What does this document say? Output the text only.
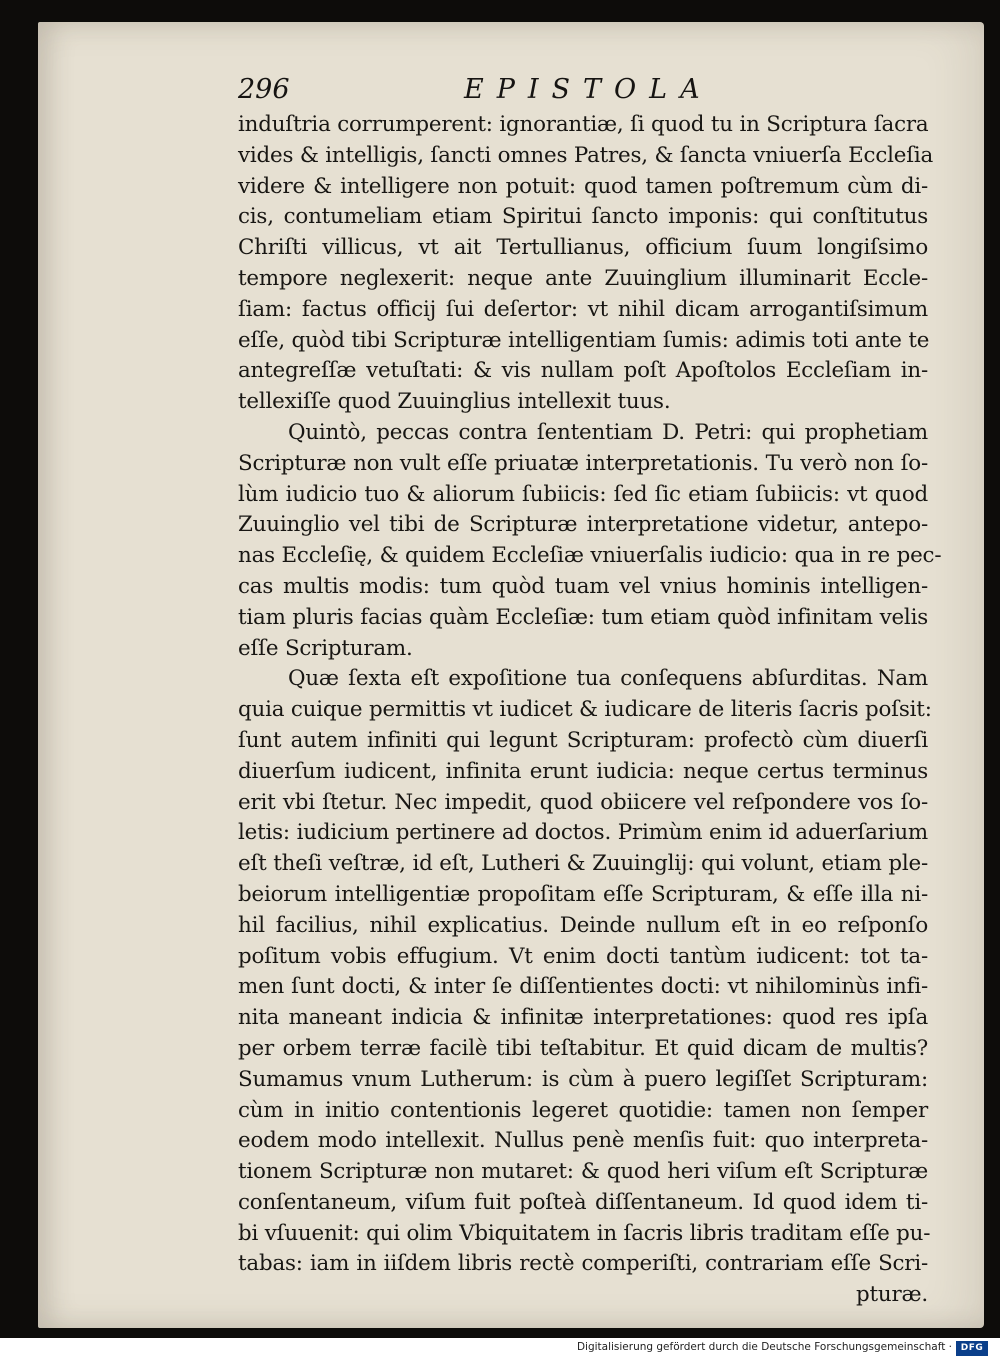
296	EPISTOLA
induſtria corrumperent: ignorantiæ, ſi quod tu in Scriptura ſacra
vides & intelligis, ſancti omnes Patres, & ſancta vniuerſa Eccleſia
videre & intelligere non potuit: quod tamen poſtremum cùm di-
cis, contumeliam etiam Spiritui ſancto imponis: qui conſtitutus
Chriſti villicus, vt ait Tertullianus, officium ſuum longiſsimo
tempore neglexerit: neque ante Zuuinglium illuminarit Eccle-
ſiam: factus officij ſui deſertor: vt nihil dicam arrogantiſsimum
eſſe, quòd tibi Scripturæ intelligentiam ſumis: adimis toti ante te
antegreſſæ vetuſtati: & vis nullam poſt Apoſtolos Eccleſiam in-
tellexiſſe quod Zuuinglius intellexit tuus.
Quintò, peccas contra ſententiam D. Petri: qui prophetiam
Scripturæ non vult eſſe priuatæ interpretationis. Tu verò non ſo-
lùm iudicio tuo & aliorum ſubiicis: ſed ſic etiam ſubiicis: vt quod
Zuuinglio vel tibi de Scripturæ interpretatione videtur, antepo-
nas Eccleſię, & quidem Eccleſiæ vniuerſalis iudicio: qua in re pec-
cas multis modis: tum quòd tuam vel vnius hominis intelligen-
tiam pluris facias quàm Eccleſiæ: tum etiam quòd infinitam velis
eſſe Scripturam.
Quæ ſexta eſt expoſitione tua conſequens abſurditas. Nam
quia cuique permittis vt iudicet & iudicare de literis ſacris poſsit:
ſunt autem infiniti qui legunt Scripturam: profectò cùm diuerſi
diuerſum iudicent, infinita erunt iudicia: neque certus terminus
erit vbi ſtetur. Nec impedit, quod obiicere vel reſpondere vos ſo-
letis: iudicium pertinere ad doctos. Primùm enim id aduerſarium
eſt theſi veſtræ, id eſt, Lutheri & Zuuinglij: qui volunt, etiam ple-
beiorum intelligentiæ propoſitam eſſe Scripturam, & eſſe illa ni-
hil facilius, nihil explicatius. Deinde nullum eſt in eo reſponſo
poſitum vobis effugium. Vt enim docti tantùm iudicent: tot ta-
men ſunt docti, & inter ſe diſſentientes docti: vt nihilominùs infi-
nita maneant indicia & infinitæ interpretationes: quod res ipſa
per orbem terræ facilè tibi teſtabitur. Et quid dicam de multis?
Sumamus vnum Lutherum: is cùm à puero legiſſet Scripturam:
cùm in initio contentionis legeret quotidie: tamen non ſemper
eodem modo intellexit. Nullus penè menſis fuit: quo interpreta-
tionem Scripturæ non mutaret: & quod heri viſum eſt Scripturæ
conſentaneum, viſum fuit poſteà diſſentaneum. Id quod idem ti-
bi vſuuenit: qui olim Vbiquitatem in ſacris libris traditam eſſe pu-
tabas: iam in iiſdem libris rectè comperiſti, contrariam eſſe Scri-
pturæ.
Digitalisierung gefördert durch die Deutsche Forschungsgemeinschaft · DFG
